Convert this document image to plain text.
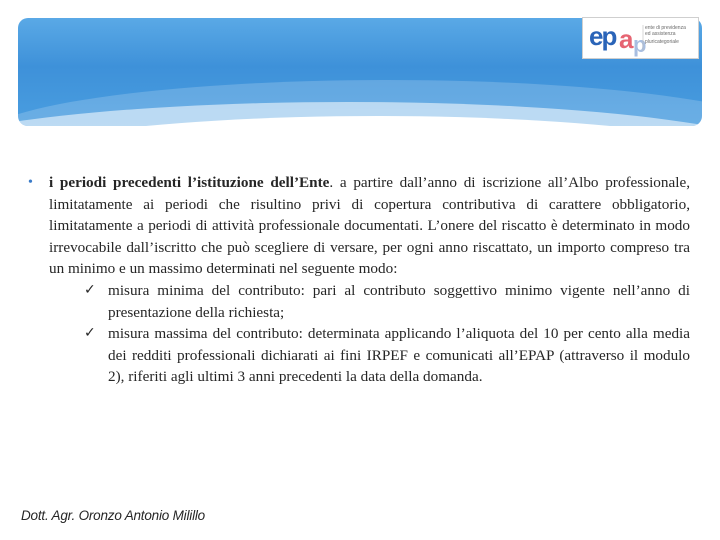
ep a p
ente di previdenza
ed assistenza
pluricategoriale
• i periodi precedenti l’istituzione dell’Ente. a partire dall’anno di iscrizione all’Albo professionale, limitatamente ai periodi che risultino privi di copertura contributiva di carattere obbligatorio, limitatamente a periodi di attività professionale documentati. L’onere del riscatto è determinato in modo irrevocabile dall’iscritto che può scegliere di versare, per ogni anno riscattato, un importo compreso tra un minimo e un massimo determinati nel seguente modo:
✓ misura minima del contributo: pari al contributo soggettivo minimo vigente nell’anno di presentazione della richiesta;
✓ misura massima del contributo: determinata applicando l’aliquota del 10 per cento alla media dei redditi professionali dichiarati ai fini IRPEF e comunicati all’EPAP (attraverso il modulo 2), riferiti agli ultimi 3 anni precedenti la data della domanda.
Dott. Agr. Oronzo Antonio Milillo
